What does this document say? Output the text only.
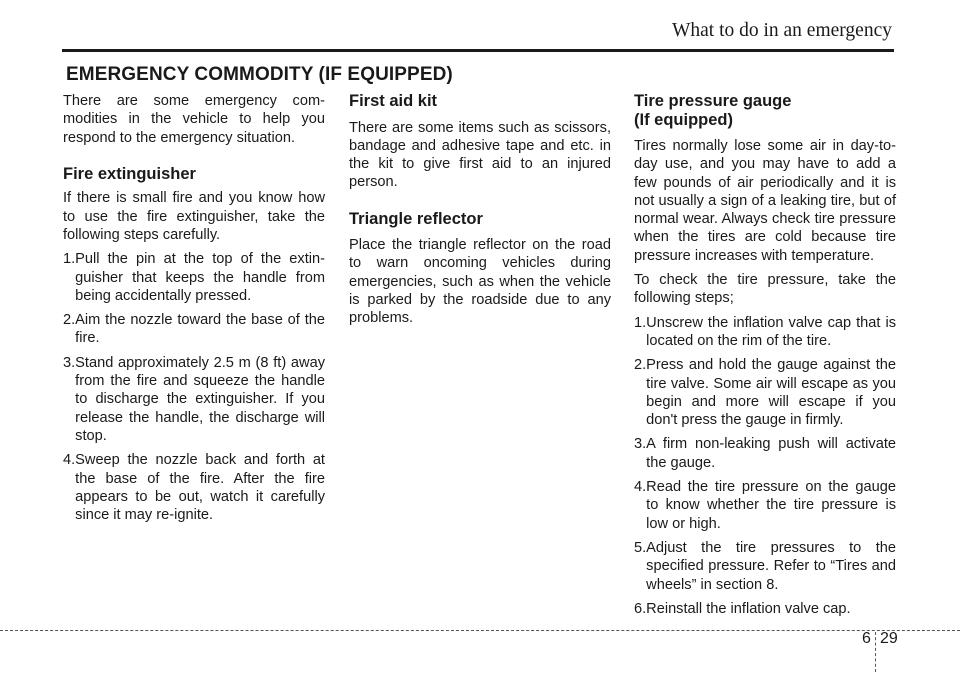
What to do in an emergency
EMERGENCY COMMODITY (IF EQUIPPED)

There are some emergency commodities in the vehicle to help you respond to the emergency situation.

Fire extinguisher

If there is small fire and you know how to use the fire extinguisher, take the following steps carefully.

1. Pull the pin at the top of the extinguisher that keeps the handle from being accidentally pressed.
2. Aim the nozzle toward the base of the fire.
3. Stand approximately 2.5 m (8 ft) away from the fire and squeeze the handle to discharge the extinguisher. If you release the handle, the discharge will stop.
4. Sweep the nozzle back and forth at the base of the fire. After the fire appears to be out, watch it carefully since it may re-ignite.
First aid kit

There are some items such as scissors, bandage and adhesive tape and etc. in the kit to give first aid to an injured person.

Triangle reflector

Place the triangle reflector on the road to warn oncoming vehicles during emergencies, such as when the vehicle is parked by the roadside due to any problems.

Tire pressure gauge
(If equipped)

Tires normally lose some air in day-to-day use, and you may have to add a few pounds of air periodically and it is not usually a sign of a leaking tire, but of normal wear. Always check tire pressure when the tires are cold because tire pressure increases with temperature.

To check the tire pressure, take the following steps;

1. Unscrew the inflation valve cap that is located on the rim of the tire.
2. Press and hold the gauge against the tire valve. Some air will escape as you begin and more will escape if you don't press the gauge in firmly.
3. A firm non-leaking push will activate the gauge.
4. Read the tire pressure on the gauge to know whether the tire pressure is low or high.
5. Adjust the tire pressures to the specified pressure. Refer to “Tires and wheels” in section 8.
6. Reinstall the inflation valve cap.

6 29
